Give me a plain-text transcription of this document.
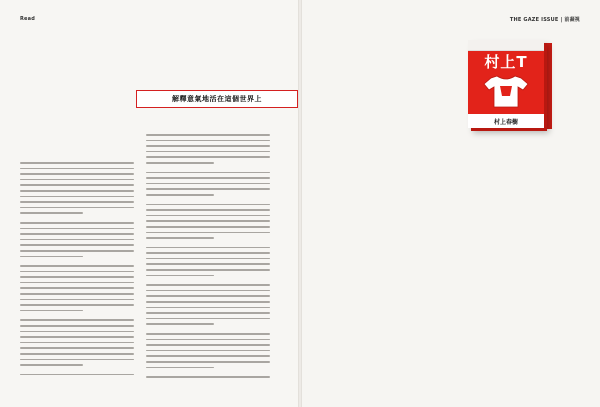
Read
解釋意氣地活在這個世界上
THE GAZE ISSUE | 前凝視
村上T
村上春樹
